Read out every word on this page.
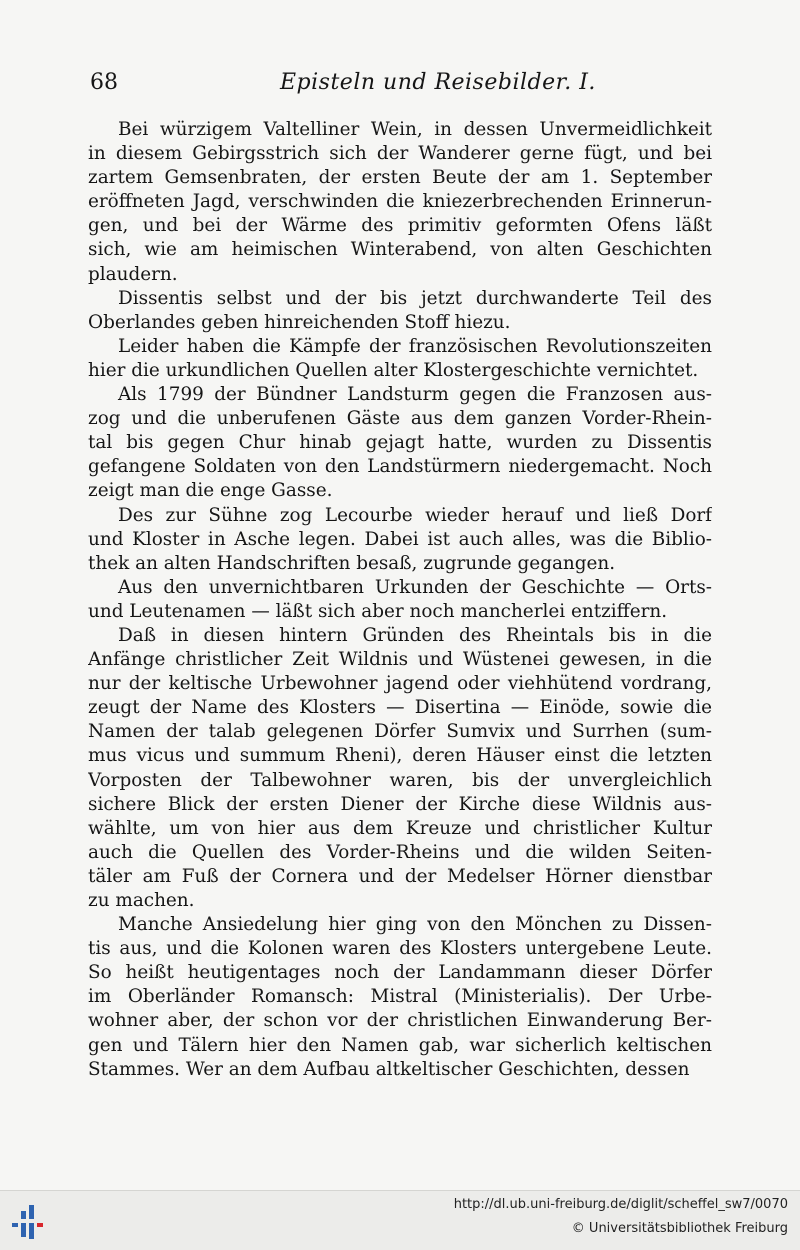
68	Episteln und Reisebilder. I.
Bei würzigem Valtelliner Wein, in dessen Unvermeidlichkeit
in diesem Gebirgsstrich sich der Wanderer gerne fügt, und bei
zartem Gemsenbraten, der ersten Beute der am 1. September
eröffneten Jagd, verschwinden die kniezerbrechenden Erinnerun-
gen, und bei der Wärme des primitiv geformten Ofens läßt
sich, wie am heimischen Winterabend, von alten Geschichten
plaudern.
Dissentis selbst und der bis jetzt durchwanderte Teil des
Oberlandes geben hinreichenden Stoff hiezu.
Leider haben die Kämpfe der französischen Revolutionszeiten
hier die urkundlichen Quellen alter Klostergeschichte vernichtet.
Als 1799 der Bündner Landsturm gegen die Franzosen aus-
zog und die unberufenen Gäste aus dem ganzen Vorder-Rhein-
tal bis gegen Chur hinab gejagt hatte, wurden zu Dissentis
gefangene Soldaten von den Landstürmern niedergemacht. Noch
zeigt man die enge Gasse.
Des zur Sühne zog Lecourbe wieder herauf und ließ Dorf
und Kloster in Asche legen. Dabei ist auch alles, was die Biblio-
thek an alten Handschriften besaß, zugrunde gegangen.
Aus den unvernichtbaren Urkunden der Geschichte — Orts-
und Leutenamen — läßt sich aber noch mancherlei entziffern.
Daß in diesen hintern Gründen des Rheintals bis in die
Anfänge christlicher Zeit Wildnis und Wüstenei gewesen, in die
nur der keltische Urbewohner jagend oder viehhütend vordrang,
zeugt der Name des Klosters — Disertina — Einöde, sowie die
Namen der talab gelegenen Dörfer Sumvix und Surrhen (sum-
mus vicus und summum Rheni), deren Häuser einst die letzten
Vorposten der Talbewohner waren, bis der unvergleichlich
sichere Blick der ersten Diener der Kirche diese Wildnis aus-
wählte, um von hier aus dem Kreuze und christlicher Kultur
auch die Quellen des Vorder-Rheins und die wilden Seiten-
täler am Fuß der Cornera und der Medelser Hörner dienstbar
zu machen.
Manche Ansiedelung hier ging von den Mönchen zu Dissen-
tis aus, und die Kolonen waren des Klosters untergebene Leute.
So heißt heutigentages noch der Landammann dieser Dörfer
im Oberländer Romansch: Mistral (Ministerialis). Der Urbe-
wohner aber, der schon vor der christlichen Einwanderung Ber-
gen und Tälern hier den Namen gab, war sicherlich keltischen
Stammes. Wer an dem Aufbau altkeltischer Geschichten, dessen
http://dl.ub.uni-freiburg.de/diglit/scheffel_sw7/0070
© Universitätsbibliothek Freiburg
